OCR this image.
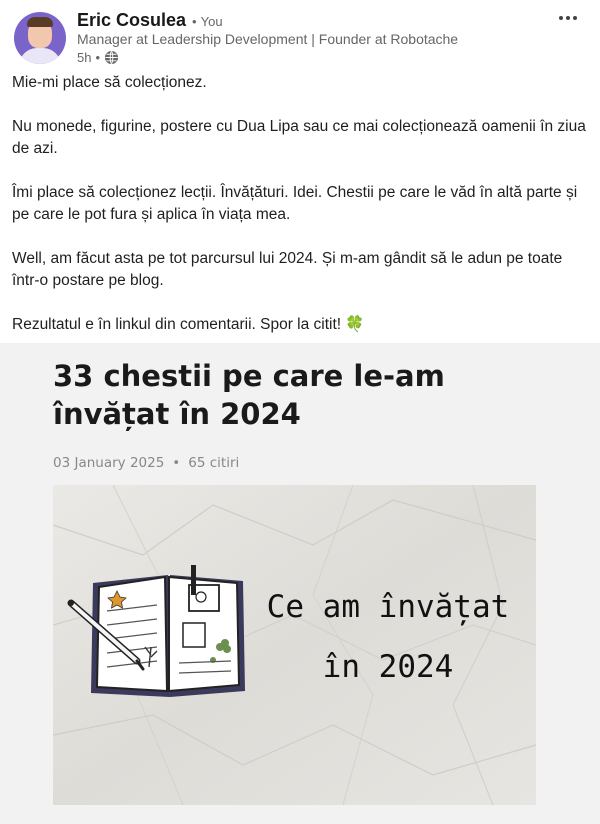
Eric Cosulea • You
Manager at Leadership Development | Founder at Robotache
5h •

Mie-mi place să colecționez.

Nu monede, figurine, postere cu Dua Lipa sau ce mai colecționează oamenii în ziua de azi.

Îmi place să colecționez lecții. Învățături. Idei. Chestii pe care le văd în altă parte și pe care le pot fura și aplica în viața mea.

Well, am făcut asta pe tot parcursul lui 2024. Și m-am gândit să le adun pe toate într-o postare pe blog.

Rezultatul e în linkul din comentarii. Spor la citit! 🍀

33 chestii pe care le-am învățat în 2024
03 January 2025 • 65 citiri
Ce am învățat
în 2024
